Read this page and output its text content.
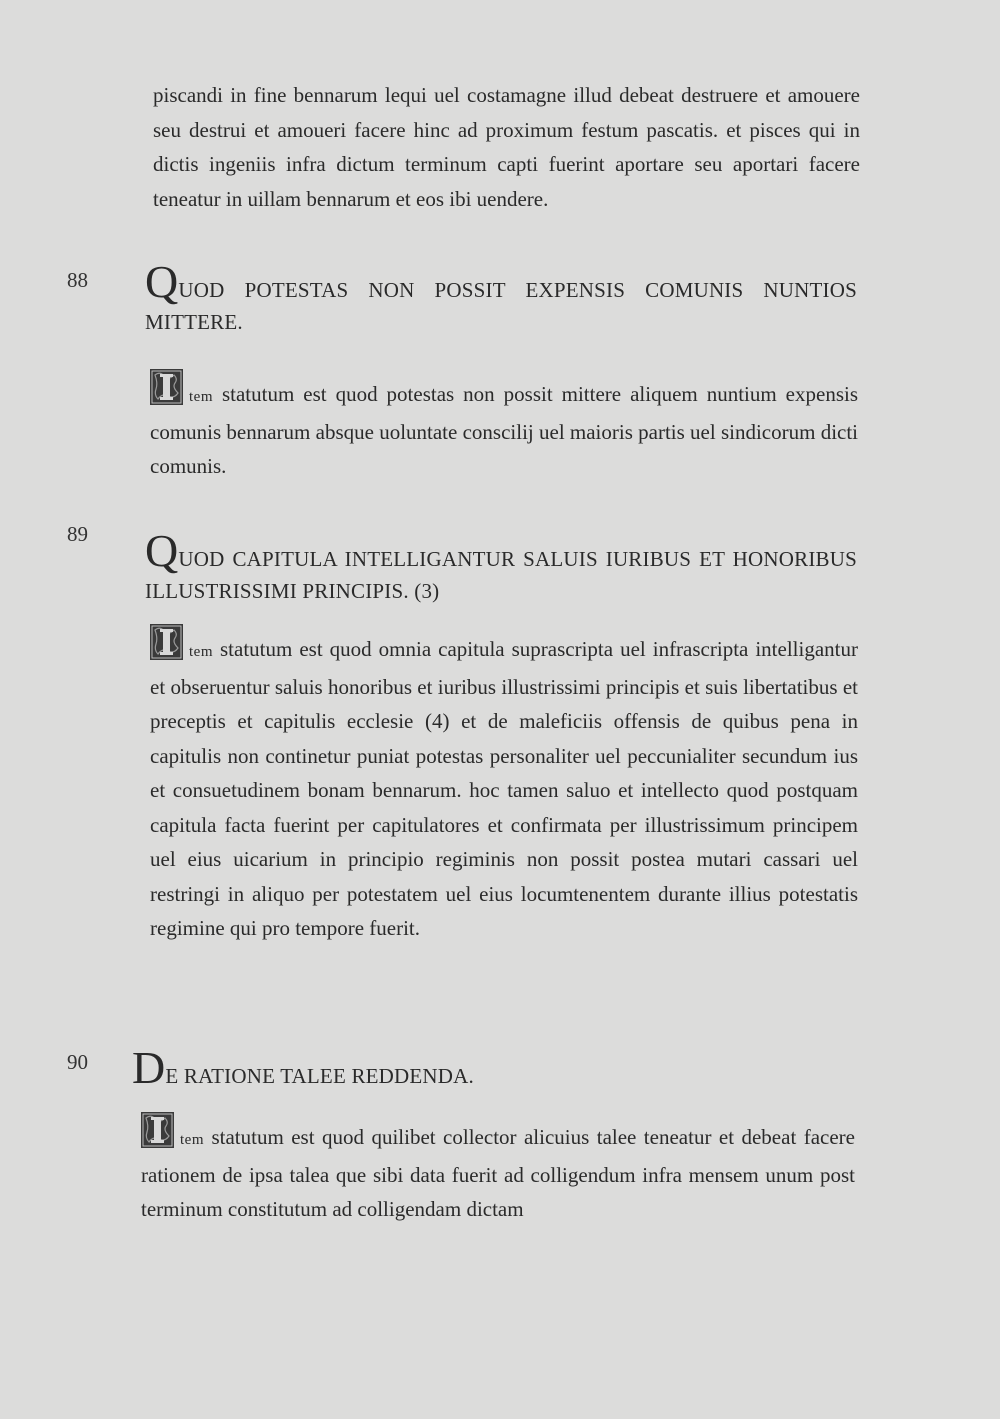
piscandi in fine bennarum lequi uel costamagne illud debeat destruere et amouere seu destrui et amoueri facere hinc ad proximum festum pascatis. et pisces qui in dictis ingeniis infra dictum terminum capti fuerint aportare seu aportari facere teneatur in uillam bennarum et eos ibi uendere.

88 QUOD POTESTAS NON POSSIT EXPENSIS COMUNIS NUNTIOS MITTERE.

tem statutum est quod potestas non possit mittere aliquem nuntium expensis comunis bennarum absque uoluntate conscilij uel maioris partis uel sindicorum dicti comunis.

89 QUOD CAPITULA INTELLIGANTUR SALUIS IURIBUS ET HONORIBUS ILLUSTRISSIMI PRINCIPIS. (3)

tem statutum est quod omnia capitula suprascripta uel infrascripta intelligantur et obseruentur saluis honoribus et iuribus illustrissimi principis et suis libertatibus et preceptis et capitulis ecclesie (4) et de maleficiis offensis de quibus pena in capitulis non continetur puniat potestas personaliter uel peccunialiter secundum ius et consuetudinem bonam bennarum. hoc tamen saluo et intellecto quod postquam capitula facta fuerint per capitulatores et confirmata per illustrissimum principem uel eius uicarium in principio regiminis non possit postea mutari cassari uel restringi in aliquo per potestatem uel eius locumtenentem durante illius potestatis regimine qui pro tempore fuerit.

90 DE RATIONE TALEE REDDENDA.

tem statutum est quod quilibet collector alicuius talee teneatur et debeat facere rationem de ipsa talea que sibi data fuerit ad colligendum infra mensem unum post terminum constitutum ad colligendam dictam
